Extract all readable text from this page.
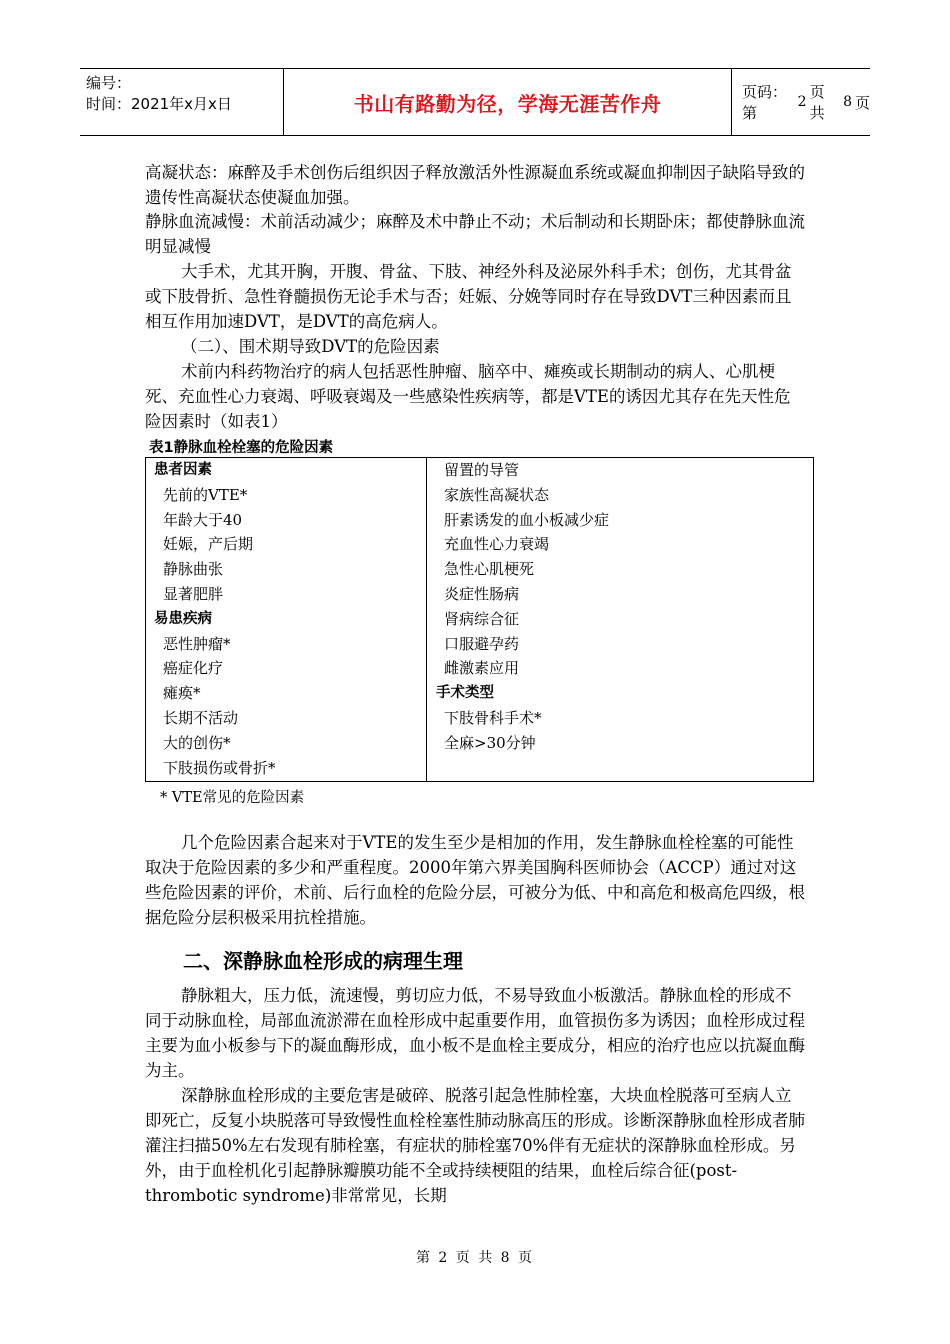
编号：
时间：2021年x月x日	书山有路勤为径，学海无涯苦作舟	页码：第
2
页 共
8 页

高凝状态：麻醉及手术创伤后组织因子释放激活外性源凝血系统或凝血抑制因子缺陷导致的遗传性高凝状态使凝血加强。

静脉血流减慢：术前活动减少；麻醉及术中静止不动；术后制动和长期卧床；都使静脉血流明显减慢

大手术，尤其开胸，开腹、骨盆、下肢、神经外科及泌尿外科手术；创伤，尤其骨盆或下肢骨折、急性脊髓损伤无论手术与否；妊娠、分娩等同时存在导致DVT三种因素而且相互作用加速DVT，是DVT的高危病人。

（二）、围术期导致DVT的危险因素

术前内科药物治疗的病人包括恶性肿瘤、脑卒中、瘫痪或长期制动的病人、心肌梗死、充血性心力衰竭、呼吸衰竭及一些感染性疾病等，都是VTE的诱因尤其存在先天性危险因素时（如表1）

表1静脉血栓栓塞的危险因素
患者因素
先前的VTE*
年龄大于40
妊娠，产后期
静脉曲张
显著肥胖
易患疾病
恶性肿瘤*
癌症化疗
瘫痪*
长期不活动
大的创伤*
下肢损伤或骨折*
留置的导管
家族性高凝状态
肝素诱发的血小板减少症
充血性心力衰竭
急性心肌梗死
炎症性肠病
肾病综合征
口服避孕药
雌激素应用
手术类型
下肢骨科手术*
全麻>30分钟
* VTE常见的危险因素

几个危险因素合起来对于VTE的发生至少是相加的作用，发生静脉血栓栓塞的可能性取决于危险因素的多少和严重程度。2000年第六界美国胸科医师协会（ACCP）通过对这些危险因素的评价，术前、后行血栓的危险分层，可被分为低、中和高危和极高危四级，根据危险分层积极采用抗栓措施。

二、深静脉血栓形成的病理生理

静脉粗大，压力低，流速慢，剪切应力低，不易导致血小板激活。静脉血栓的形成不同于动脉血栓，局部血流淤滞在血栓形成中起重要作用，血管损伤多为诱因；血栓形成过程主要为血小板参与下的凝血酶形成，血小板不是血栓主要成分，相应的治疗也应以抗凝血酶为主。

深静脉血栓形成的主要危害是破碎、脱落引起急性肺栓塞，大块血栓脱落可至病人立即死亡，反复小块脱落可导致慢性血栓栓塞性肺动脉高压的形成。诊断深静脉血栓形成者肺灌注扫描50%左右发现有肺栓塞，有症状的肺栓塞70%伴有无症状的深静脉血栓形成。另外，由于血栓机化引起静脉瓣膜功能不全或持续梗阻的结果，血栓后综合征(post-thrombotic syndrome)非常常见，长期

第 2 页 共 8 页
